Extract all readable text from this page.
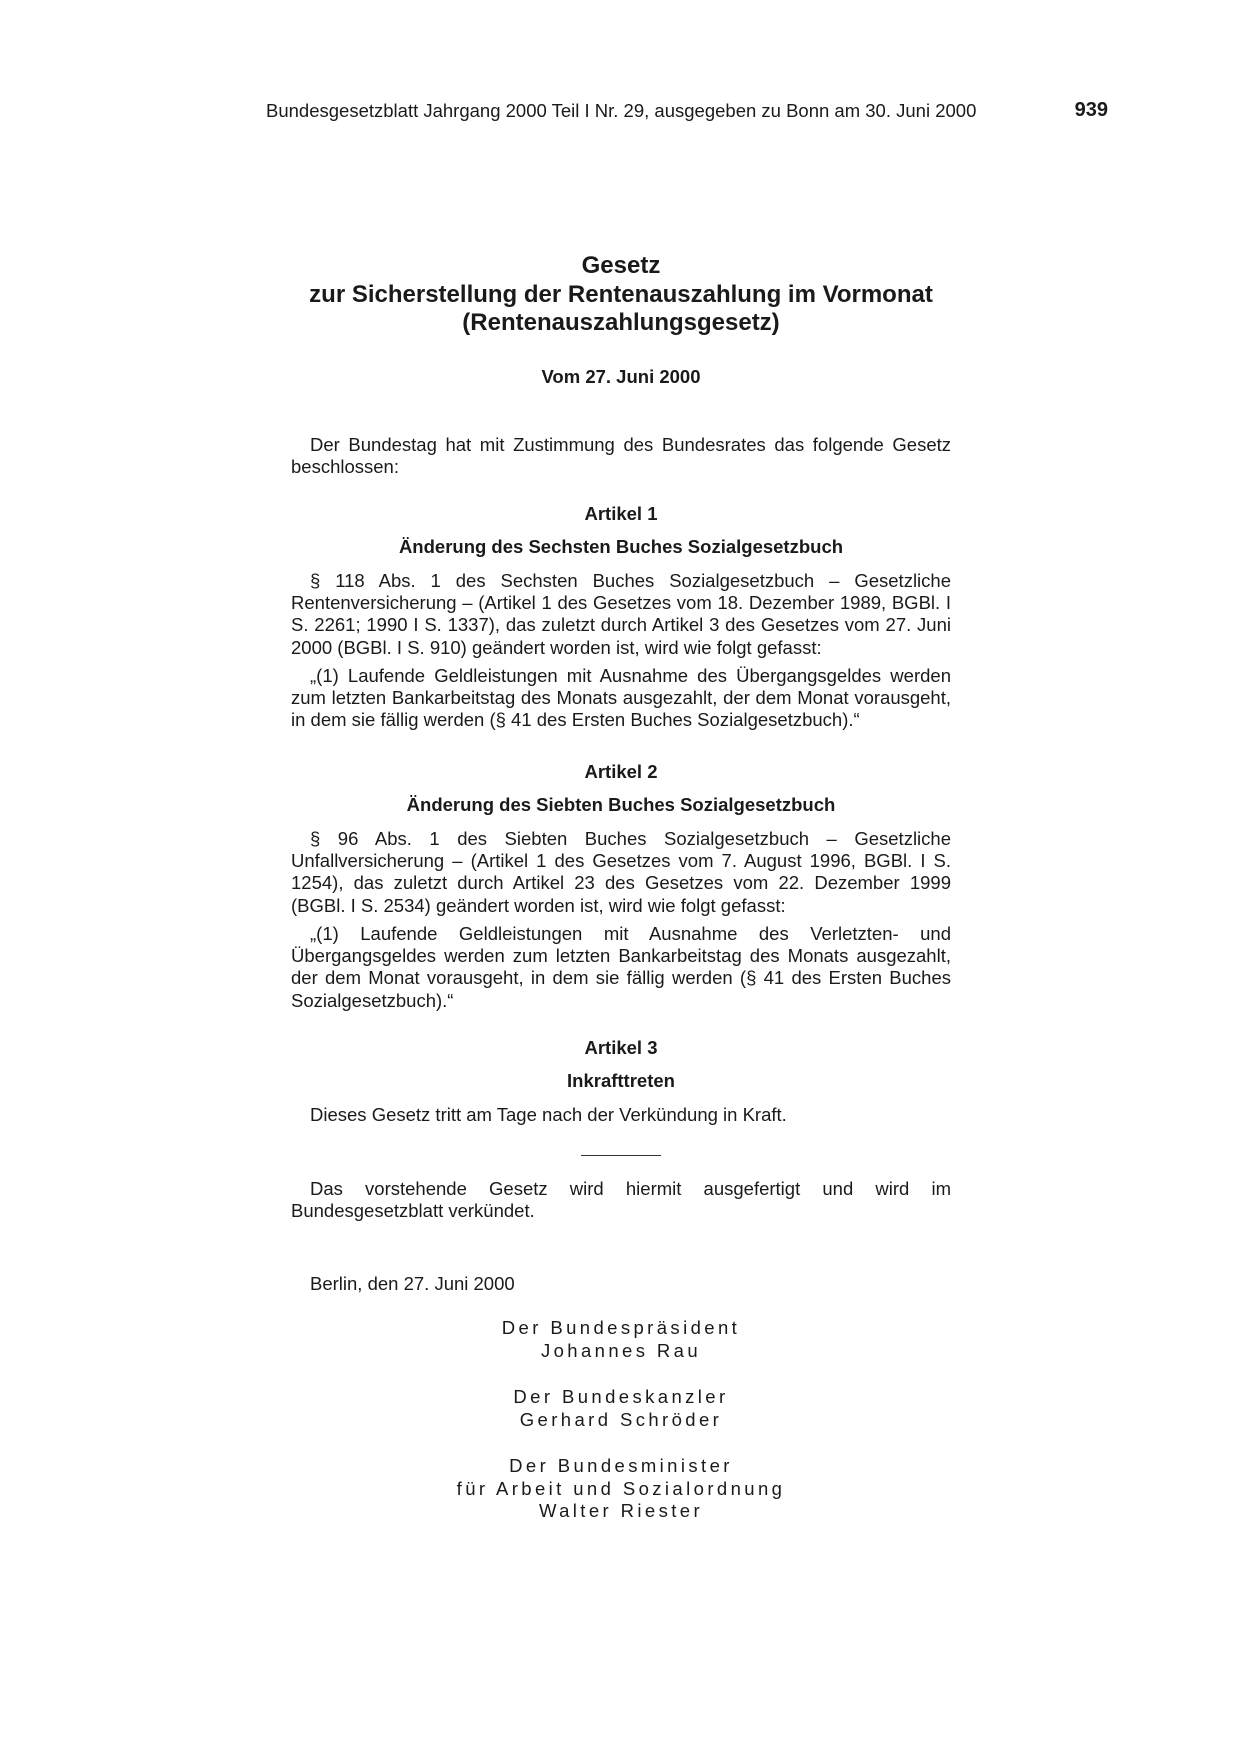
Bundesgesetzblatt Jahrgang 2000 Teil I Nr. 29, ausgegeben zu Bonn am 30. Juni 2000	939
Gesetz
zur Sicherstellung der Rentenauszahlung im Vormonat
(Rentenauszahlungsgesetz)
Vom 27. Juni 2000

Der Bundestag hat mit Zustimmung des Bundesrates das folgende Gesetz beschlossen:

Artikel 1
Änderung des Sechsten Buches Sozialgesetzbuch

§ 118 Abs. 1 des Sechsten Buches Sozialgesetzbuch – Gesetzliche Rentenversicherung – (Artikel 1 des Gesetzes vom 18. Dezember 1989, BGBl. I S. 2261; 1990 I S. 1337), das zuletzt durch Artikel 3 des Gesetzes vom 27. Juni 2000 (BGBl. I S. 910) geändert worden ist, wird wie folgt gefasst:

„(1) Laufende Geldleistungen mit Ausnahme des Übergangsgeldes werden zum letzten Bankarbeitstag des Monats ausgezahlt, der dem Monat vorausgeht, in dem sie fällig werden (§ 41 des Ersten Buches Sozialgesetzbuch).“

Artikel 2
Änderung des Siebten Buches Sozialgesetzbuch

§ 96 Abs. 1 des Siebten Buches Sozialgesetzbuch – Gesetzliche Unfallversicherung – (Artikel 1 des Gesetzes vom 7. August 1996, BGBl. I S. 1254), das zuletzt durch Artikel 23 des Gesetzes vom 22. Dezember 1999 (BGBl. I S. 2534) geändert worden ist, wird wie folgt gefasst:

„(1) Laufende Geldleistungen mit Ausnahme des Verletzten- und Übergangsgeldes werden zum letzten Bankarbeitstag des Monats ausgezahlt, der dem Monat vorausgeht, in dem sie fällig werden (§ 41 des Ersten Buches Sozialgesetzbuch).“

Artikel 3
Inkrafttreten

Dieses Gesetz tritt am Tage nach der Verkündung in Kraft.

Das vorstehende Gesetz wird hiermit ausgefertigt und wird im Bundesgesetzblatt verkündet.

Berlin, den 27. Juni 2000
Der Bundespräsident
Johannes Rau
Der Bundeskanzler
Gerhard Schröder
Der Bundesminister
für Arbeit und Sozialordnung
Walter Riester
